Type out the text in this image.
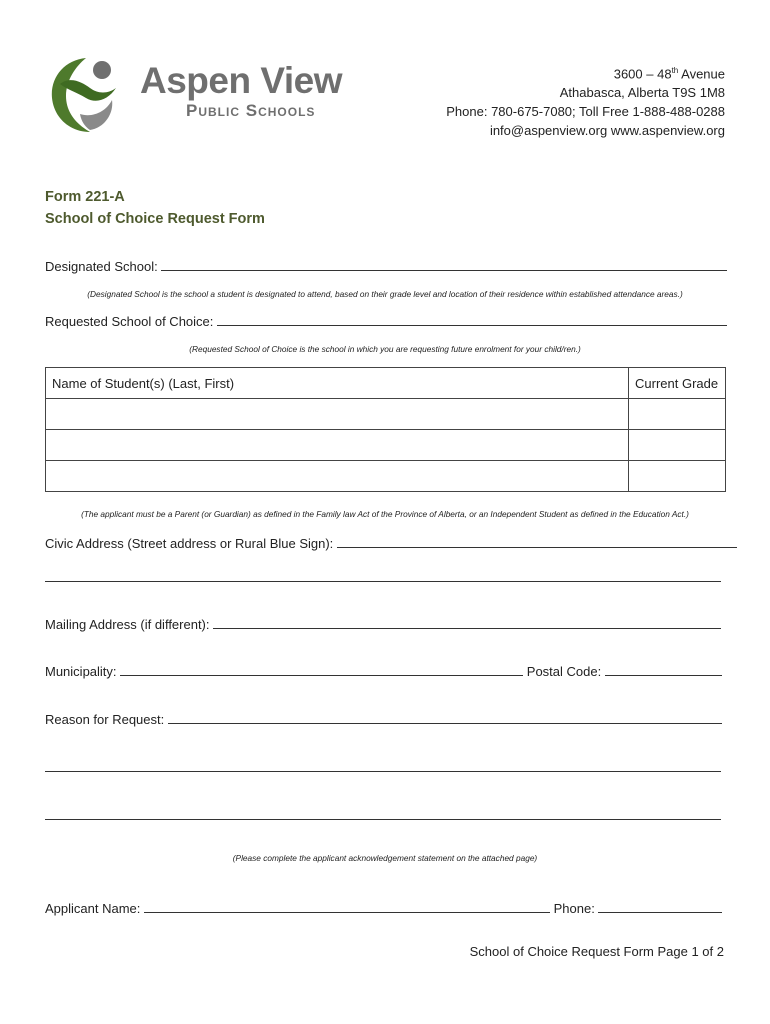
Aspen View
Public Schools
3600 – 48th Avenue
Athabasca, Alberta T9S 1M8
Phone: 780-675-7080; Toll Free 1-888-488-0288
info@aspenview.org www.aspenview.org
Form 221-A
School of Choice Request Form
Designated School:
(Designated School is the school a student is designated to attend, based on their grade level and location of their residence within established attendance areas.)
Requested School of Choice:
(Requested School of Choice is the school in which you are requesting future enrolment for your child/ren.)
Name of Student(s) (Last, First)	Current Grade

(The applicant must be a Parent (or Guardian) as defined in the Family law Act of the Province of Alberta, or an Independent Student as defined in the Education Act.)
Civic Address (Street address or Rural Blue Sign):
Mailing Address (if different):
Municipality:	Postal Code:
Reason for Request:
(Please complete the applicant acknowledgement statement on the attached page)
Applicant Name:	Phone:
School of Choice Request Form Page 1 of 2
